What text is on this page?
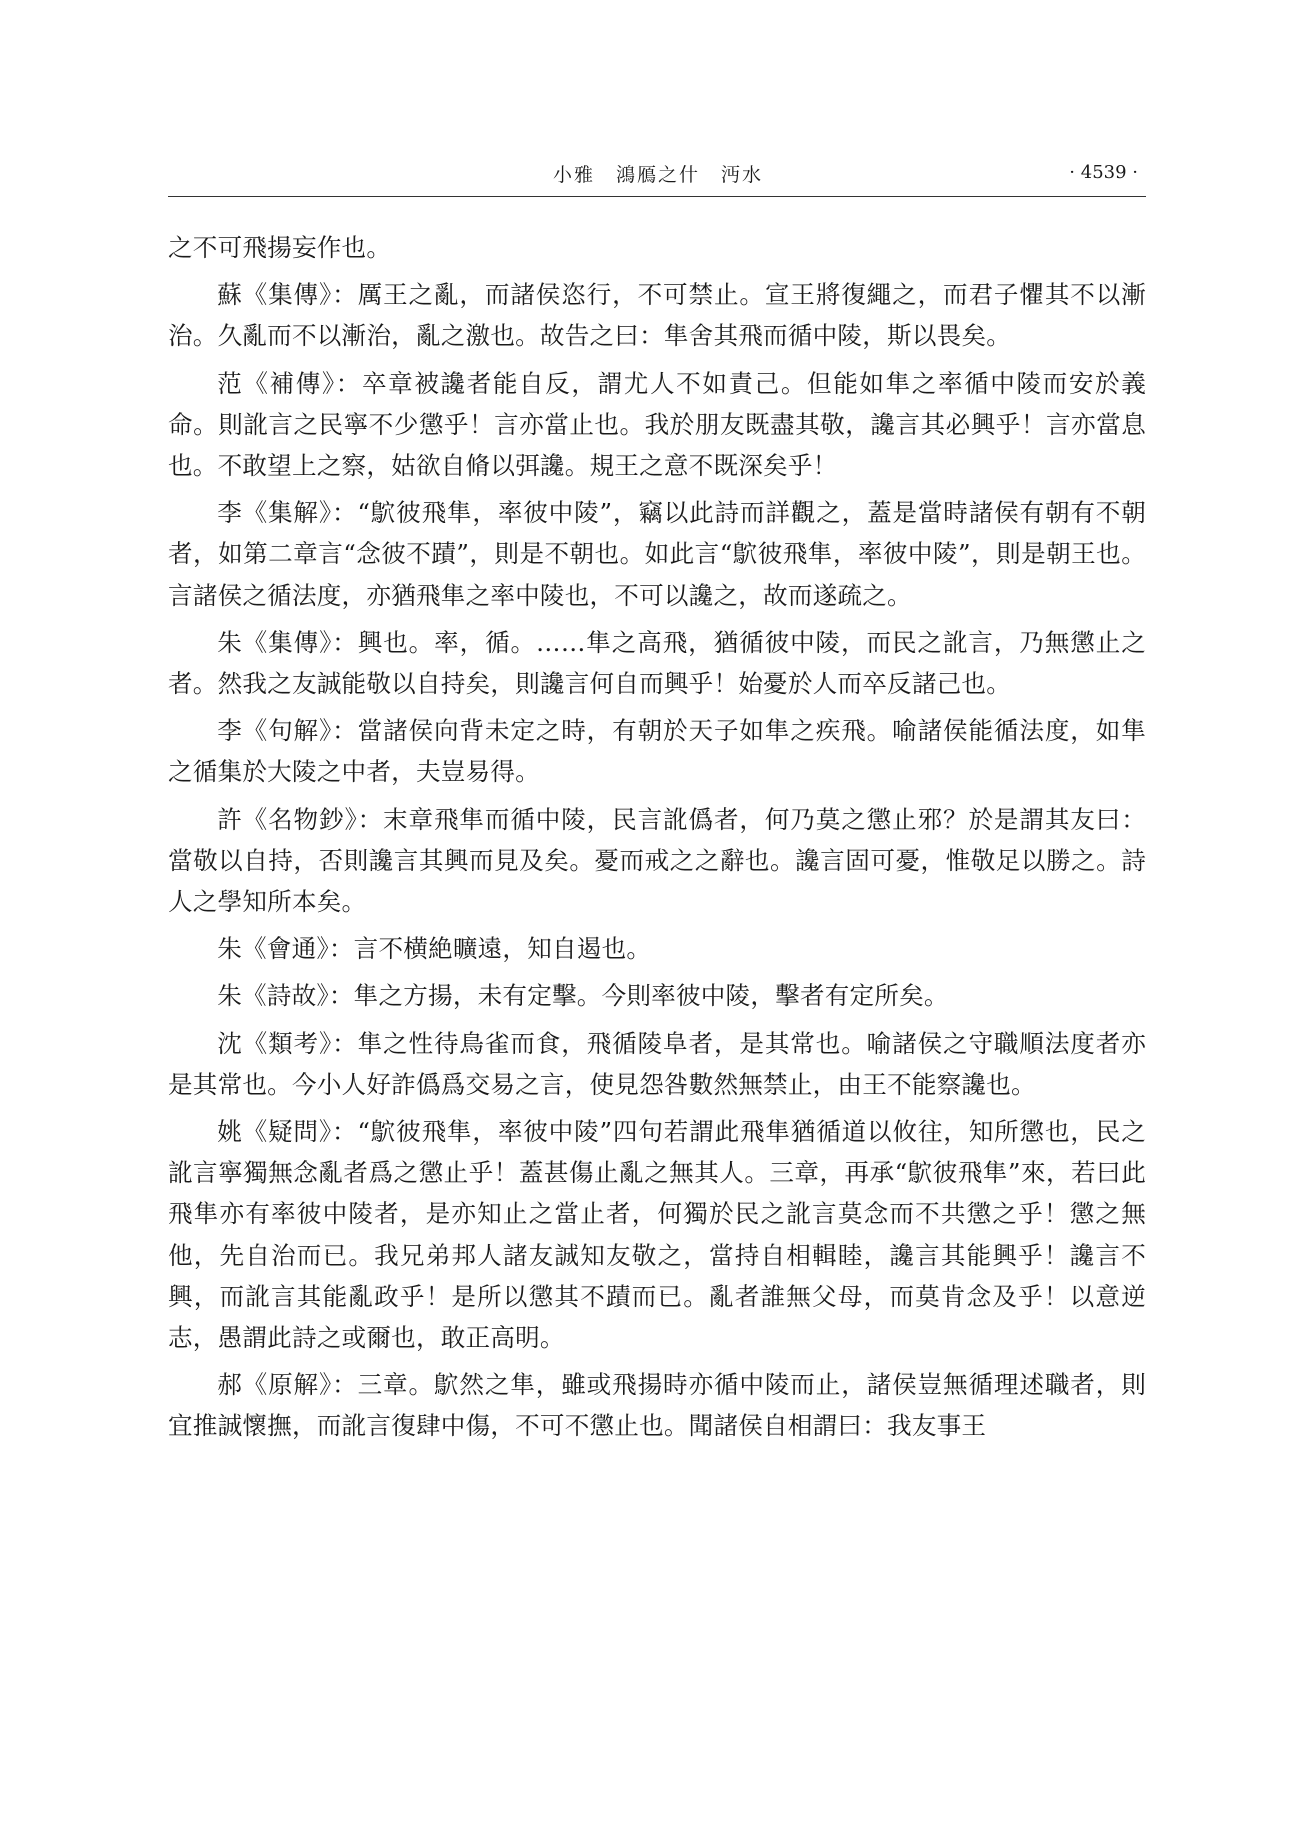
小雅　鴻鴈之什　沔水	· 4539 ·

之不可飛揚妄作也。

蘇《集傳》：厲王之亂，而諸侯恣行，不可禁止。宣王將復繩之，而君子懼其不以漸治。久亂而不以漸治，亂之激也。故告之曰：隼舍其飛而循中陵，斯以畏矣。

范《補傳》：卒章被讒者能自反，謂尤人不如責己。但能如隼之率循中陵而安於義命。則訛言之民寧不少懲乎！言亦當止也。我於朋友既盡其敬，讒言其必興乎！言亦當息也。不敢望上之察，姑欲自脩以弭讒。規王之意不既深矣乎！

李《集解》：“鴥彼飛隼，率彼中陵”，竊以此詩而詳觀之，蓋是當時諸侯有朝有不朝者，如第二章言“念彼不蹟”，則是不朝也。如此言“鴥彼飛隼，率彼中陵”，則是朝王也。言諸侯之循法度，亦猶飛隼之率中陵也，不可以讒之，故而遂疏之。

朱《集傳》：興也。率，循。……隼之高飛，猶循彼中陵，而民之訛言，乃無懲止之者。然我之友誠能敬以自持矣，則讒言何自而興乎！始憂於人而卒反諸己也。

李《句解》：當諸侯向背未定之時，有朝於天子如隼之疾飛。喻諸侯能循法度，如隼之循集於大陵之中者，夫豈易得。

許《名物鈔》：末章飛隼而循中陵，民言訛僞者，何乃莫之懲止邪？於是謂其友曰：當敬以自持，否則讒言其興而見及矣。憂而戒之之辭也。讒言固可憂，惟敬足以勝之。詩人之學知所本矣。

朱《會通》：言不横絶曠遠，知自遏也。

朱《詩故》：隼之方揚，未有定擊。今則率彼中陵，擊者有定所矣。

沈《類考》：隼之性待鳥雀而食，飛循陵阜者，是其常也。喻諸侯之守職順法度者亦是其常也。今小人好詐僞爲交易之言，使見怨咎數然無禁止，由王不能察讒也。

姚《疑問》：“鴥彼飛隼，率彼中陵”四句若謂此飛隼猶循道以攸往，知所懲也，民之訛言寧獨無念亂者爲之懲止乎！蓋甚傷止亂之無其人。三章，再承“鴥彼飛隼”來，若曰此飛隼亦有率彼中陵者，是亦知止之當止者，何獨於民之訛言莫念而不共懲之乎！懲之無他，先自治而已。我兄弟邦人諸友誠知友敬之，當持自相輯睦，讒言其能興乎！讒言不興，而訛言其能亂政乎！是所以懲其不蹟而已。亂者誰無父母，而莫肯念及乎！以意逆志，愚謂此詩之或爾也，敢正高明。

郝《原解》：三章。鴥然之隼，雖或飛揚時亦循中陵而止，諸侯豈無循理述職者，則宜推誠懷撫，而訛言復肆中傷，不可不懲止也。聞諸侯自相謂曰：我友事王
